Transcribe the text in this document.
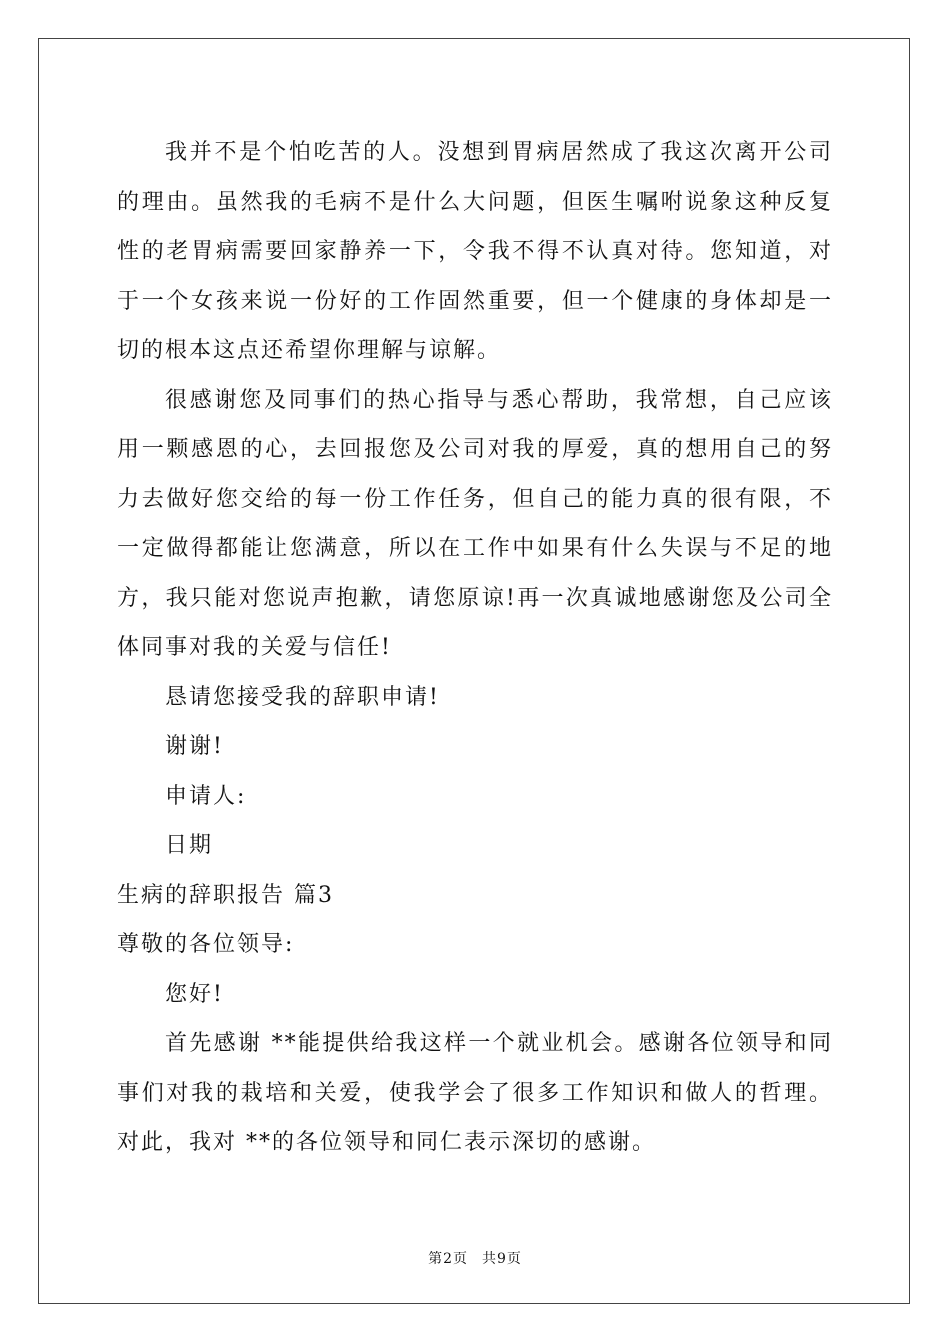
我并不是个怕吃苦的人。没想到胃病居然成了我这次离开公司的理由。虽然我的毛病不是什么大问题，但医生嘱咐说象这种反复性的老胃病需要回家静养一下，令我不得不认真对待。您知道，对于一个女孩来说一份好的工作固然重要，但一个健康的身体却是一切的根本这点还希望你理解与谅解。

很感谢您及同事们的热心指导与悉心帮助，我常想，自己应该用一颗感恩的心，去回报您及公司对我的厚爱，真的想用自己的努力去做好您交给的每一份工作任务，但自己的能力真的很有限，不一定做得都能让您满意，所以在工作中如果有什么失误与不足的地方，我只能对您说声抱歉，请您原谅!再一次真诚地感谢您及公司全体同事对我的关爱与信任!

恳请您接受我的辞职申请!

谢谢!

申请人:

日期

生病的辞职报告 篇3

尊敬的各位领导:

您好!

首先感谢 **能提供给我这样一个就业机会。感谢各位领导和同事们对我的栽培和关爱，使我学会了很多工作知识和做人的哲理。对此，我对 **的各位领导和同仁表示深切的感谢。

第2页 共9页
